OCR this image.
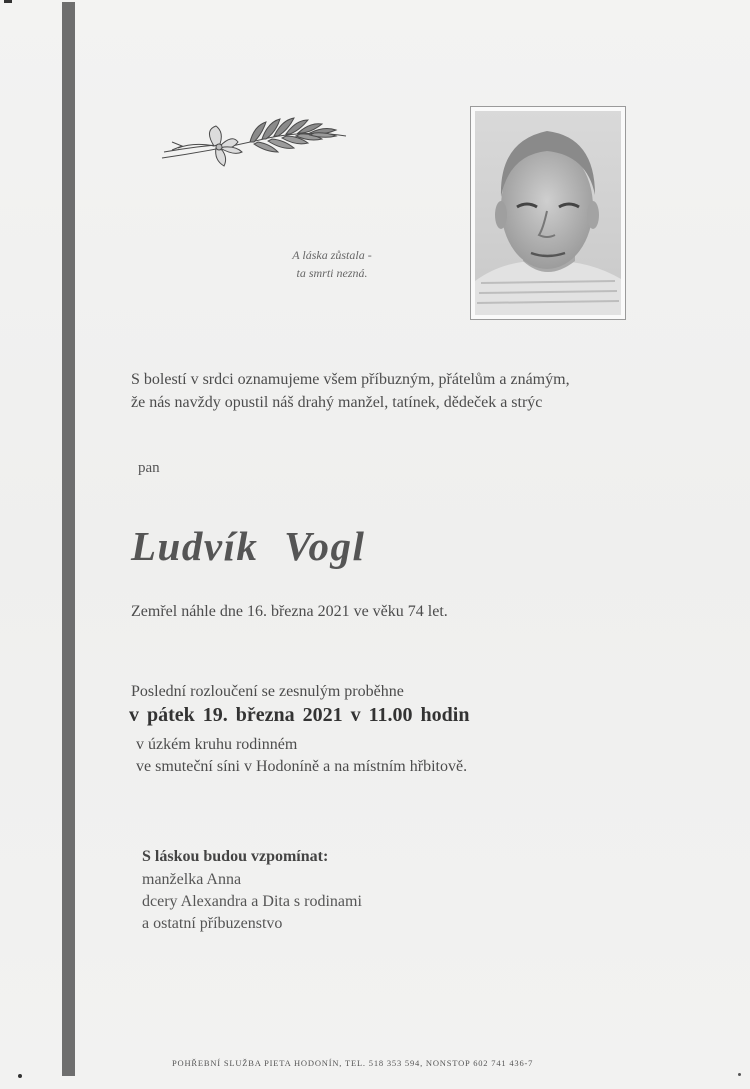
A láska zůstala -
ta smrti nezná.
S bolestí v srdci oznamujeme všem příbuzným, přátelům a známým,
že nás navždy opustil náš drahý manžel, tatínek, dědeček a strýc
pan
Ludvík Vogl
Zemřel náhle dne 16. března 2021 ve věku 74 let.
Poslední rozloučení se zesnulým proběhne
v pátek 19. března 2021 v 11.00 hodin
v úzkém kruhu rodinném
ve smuteční síni v Hodoníně a na místním hřbitově.
S láskou budou vzpomínat:
manželka Anna
dcery Alexandra a Dita s rodinami
a ostatní příbuzenstvo
POHŘEBNÍ SLUŽBA PIETA HODONÍN, TEL. 518 353 594, NONSTOP 602 741 436-7
